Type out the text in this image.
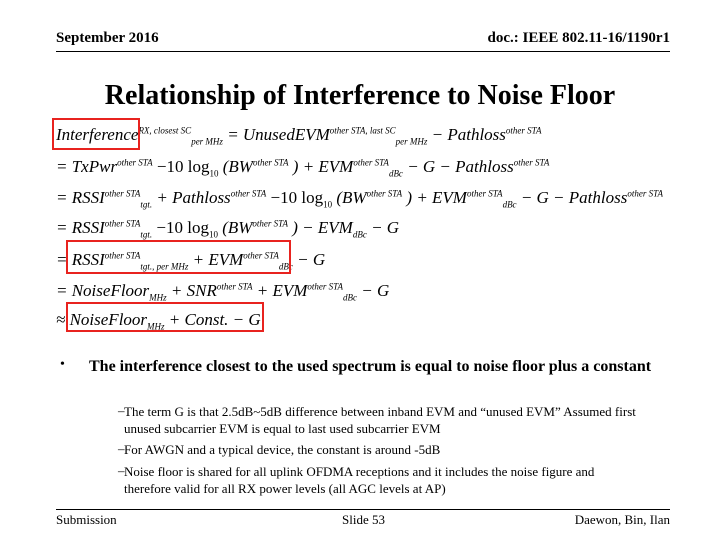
September 2016	doc.: IEEE 802.11-16/1190r1
Relationship of Interference to Noise Floor
Interference$^{RX, closest SC}_{per MHz}$ = UnusedEVM$^{other STA, last SC}_{per MHz}$ − Pathloss$^{other STA}$
= TxPwr$^{other STA}$ −10 $\log_{10} (BW^{other STA}$ ) + $EVM^{other STA}_{dBc} - G$ − Pathloss$^{other STA}$
= $RSSI^{other STA}_{tgt.}$ + Pathloss$^{other STA}$ −10 $\log_{10} (BW^{other STA}$ ) + $EVM^{other STA}_{dBc} - G$ − Pathloss$^{other STA}$
= $RSSI^{other STA}_{tgt.} -10$ $\log_{10} (BW^{other STA}$ ) − $EVM_{dBc} - G$
= $RSSI^{other STA}_{tgt., per MHz} + EVM^{other STA}_{dBc} - G$
= NoiseFloor$_{MHz}$ + $SNR^{other STA} + EVM^{other STA}_{dBc} - G$
≈ NoiseFloor$_{MHz}$ + Const. − G
• The interference closest to the used spectrum is equal to noise floor plus a constant
– The term G is that 2.5dB~5dB difference between inband EVM and “unused EVM” Assumed first unused subcarrier EVM is equal to last used subcarrier EVM
– For AWGN and a typical device, the constant is around -5dB
– Noise floor is shared for all uplink OFDMA receptions and it includes the noise figure and therefore valid for all RX power levels (all AGC levels at AP)
Submission	Slide 53	Daewon, Bin, Ilan
